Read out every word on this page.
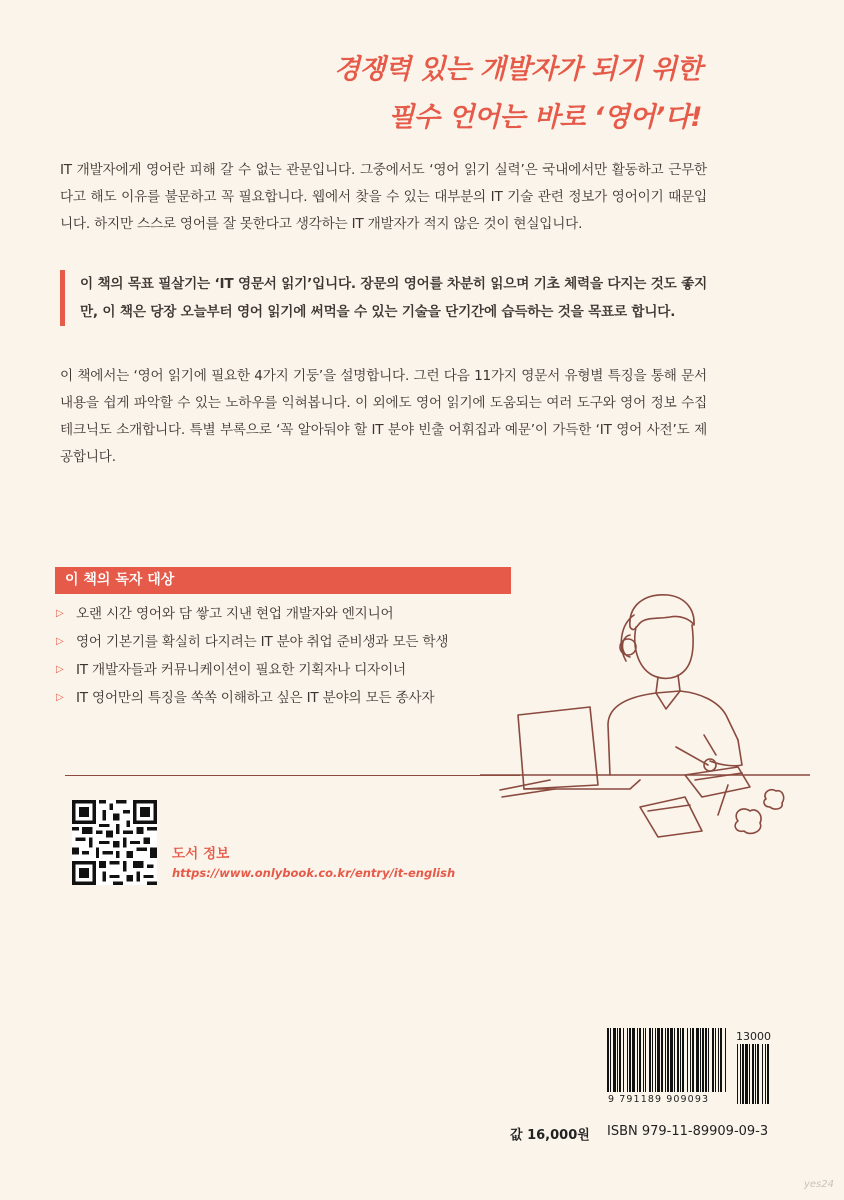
경쟁력 있는 개발자가 되기 위한
필수 언어는 바로 ‘영어’다!
IT 개발자에게 영어란 피해 갈 수 없는 관문입니다. 그중에서도 ‘영어 읽기 실력’은 국내에서만 활동하고 근무한다고 해도 이유를 불문하고 꼭 필요합니다. 웹에서 찾을 수 있는 대부분의 IT 기술 관련 정보가 영어이기 때문입니다. 하지만 스스로 영어를 잘 못한다고 생각하는 IT 개발자가 적지 않은 것이 현실입니다.
이 책의 목표 필살기는 ‘IT 영문서 읽기’입니다. 장문의 영어를 차분히 읽으며 기초 체력을 다지는 것도 좋지만, 이 책은 당장 오늘부터 영어 읽기에 써먹을 수 있는 기술을 단기간에 습득하는 것을 목표로 합니다.
이 책에서는 ‘영어 읽기에 필요한 4가지 기둥’을 설명합니다. 그런 다음 11가지 영문서 유형별 특징을 통해 문서 내용을 쉽게 파악할 수 있는 노하우를 익혀봅니다. 이 외에도 영어 읽기에 도움되는 여러 도구와 영어 정보 수집 테크닉도 소개합니다. 특별 부록으로 ‘꼭 알아둬야 할 IT 분야 빈출 어휘집과 예문’이 가득한 ‘IT 영어 사전’도 제공합니다.
이 책의 독자 대상
▷ 오랜 시간 영어와 담 쌓고 지낸 현업 개발자와 엔지니어
▷ 영어 기본기를 확실히 다지려는 IT 분야 취업 준비생과 모든 학생
▷ IT 개발자들과 커뮤니케이션이 필요한 기획자나 디자이너
▷ IT 영어만의 특징을 쏙쏙 이해하고 싶은 IT 분야의 모든 종사자
도서 정보
https://www.onlybook.co.kr/entry/it-english
13000
9 791189 909093
값 16,000원 ISBN 979-11-89909-09-3
yes24
